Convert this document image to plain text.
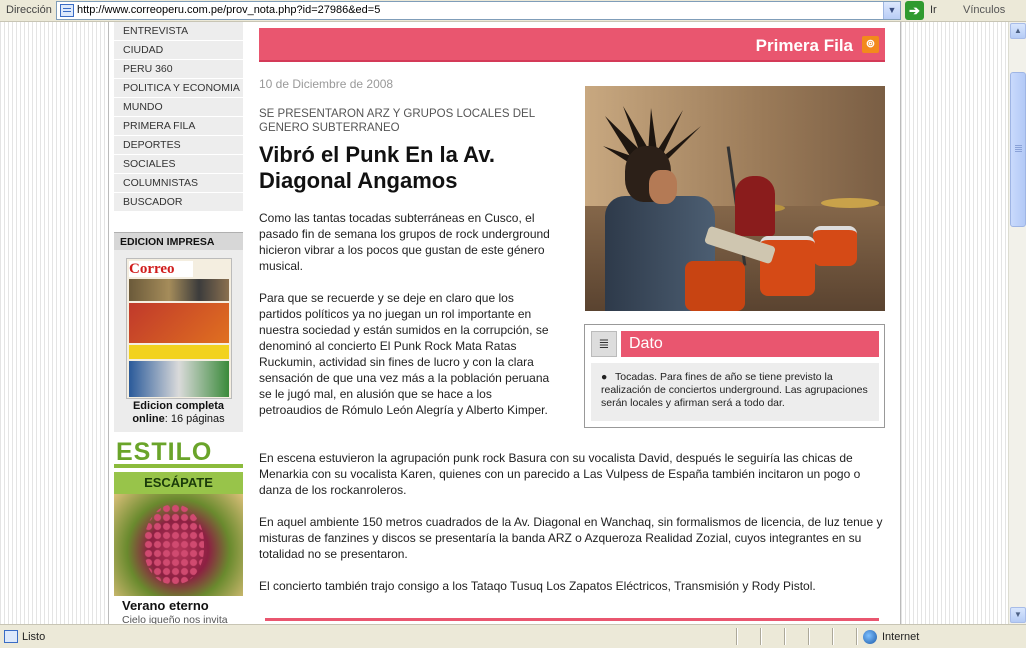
Dirección http://www.correoperu.com.pe/prov_nota.php?id=27986&ed=5	▼ ➔ Ir Vínculos
ENTREVISTA
CIUDAD
PERU 360
POLITICA Y ECONOMIA
MUNDO
PRIMERA FILA
DEPORTES
SOCIALES
COLUMNISTAS
BUSCADOR
EDICION IMPRESA
Correo
Edicion completa online: 16 páginas
ESTILO
ESCÁPATE
Verano eterno
Cielo iqueño nos invita
Primera Fila	⊚
10 de Diciembre de 2008
SE PRESENTARON ARZ Y GRUPOS LOCALES DEL GENERO SUBTERRANEO
Vibró el Punk En la Av. Diagonal Angamos

Como las tantas tocadas subterráneas en Cusco, el pasado fin de semana los grupos de rock underground hicieron vibrar a los pocos que gustan de este género musical.

Para que se recuerde y se deje en claro que los partidos políticos ya no juegan un rol importante en nuestra sociedad y están sumidos en la corrupción, se denominó al concierto El Punk Rock Mata Ratas Ruckumin, actividad sin fines de lucro y con la clara sensación de que una vez más a la población peruana se le jugó mal, en alusión que se hace a los petroaudios de Rómulo León Alegría y Alberto Kimper.

En escena estuvieron la agrupación punk rock Basura con su vocalista David, después le seguiría las chicas de Menarkia con su vocalista Karen, quienes con un parecido a Las Vulpess de España también incitaron un pogo o danza de los rockanroleros.

En aquel ambiente 150 metros cuadrados de la Av. Diagonal en Wanchaq, sin formalismos de licencia, de luz tenue y misturas de fanzines y discos se presentaría la banda ARZ o Azqueroza Realidad Zozial, cuyos integrantes en su totalidad no se presentaron.

El concierto también trajo consigo a los Tataqo Tusuq Los Zapatos Eléctricos, Transmisión y Rody Pistol.

≣	Dato
● Tocadas. Para fines de año se tiene previsto la realización de conciertos underground. Las agrupaciones serán locales y afirman será a todo dar.
▲
▼
Listo	Internet
